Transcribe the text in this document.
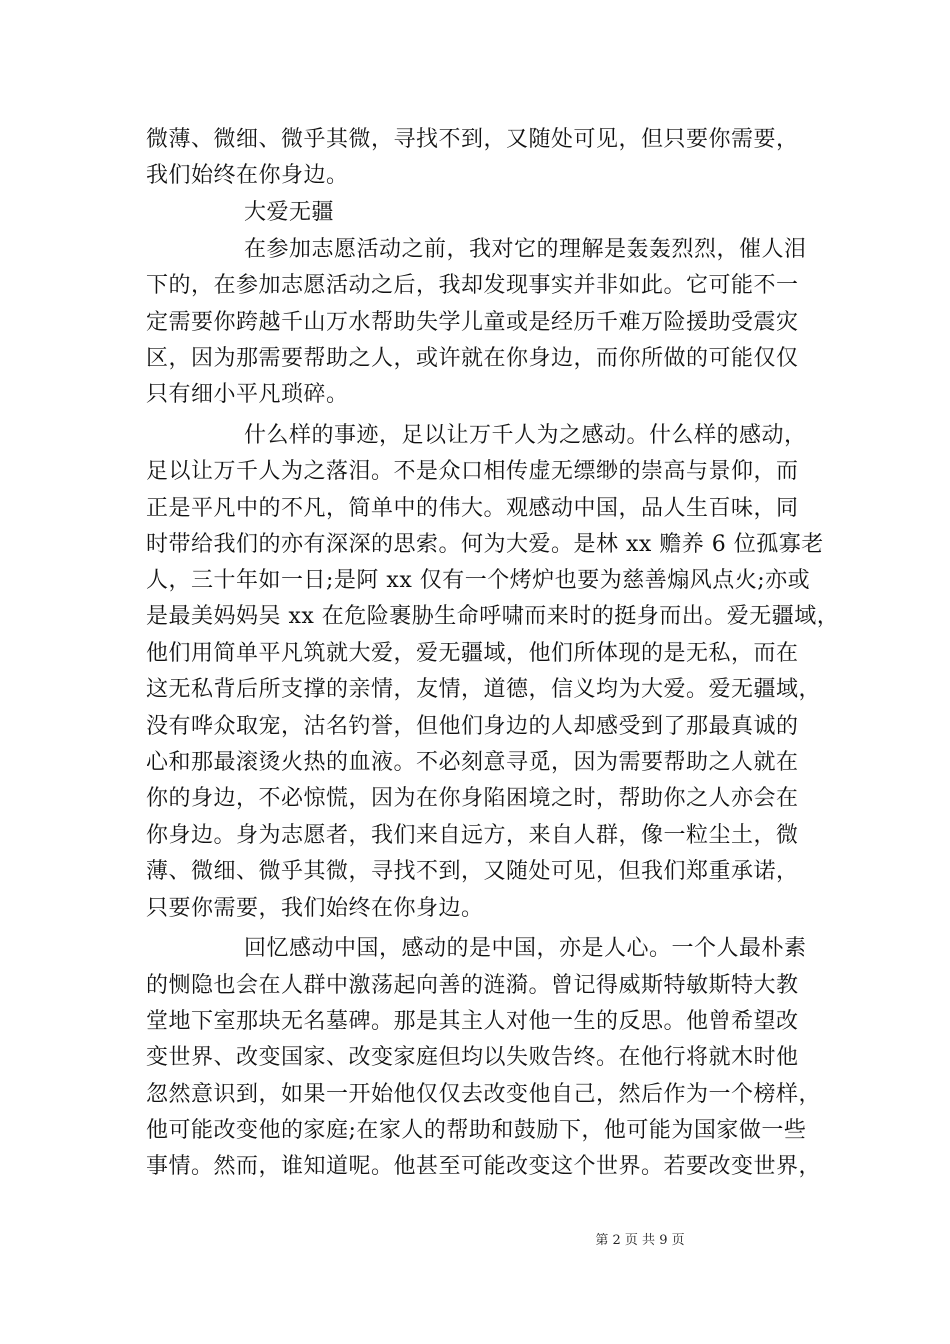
微薄、微细、微乎其微，寻找不到，又随处可见，但只要你需要，
我们始终在你身边。
大爱无疆
在参加志愿活动之前，我对它的理解是轰轰烈烈，催人泪
下的，在参加志愿活动之后，我却发现事实并非如此。它可能不一
定需要你跨越千山万水帮助失学儿童或是经历千难万险援助受震灾
区，因为那需要帮助之人，或许就在你身边，而你所做的可能仅仅
只有细小平凡琐碎。
什么样的事迹，足以让万千人为之感动。什么样的感动，
足以让万千人为之落泪。不是众口相传虚无缥缈的崇高与景仰，而
正是平凡中的不凡，简单中的伟大。观感动中国，品人生百味，同
时带给我们的亦有深深的思索。何为大爱。是林 xx 赡养 6 位孤寡老
人，三十年如一日;是阿 xx 仅有一个烤炉也要为慈善煽风点火;亦或
是最美妈妈吴 xx 在危险裹胁生命呼啸而来时的挺身而出。爱无疆域，
他们用简单平凡筑就大爱，爱无疆域，他们所体现的是无私，而在
这无私背后所支撑的亲情，友情，道德，信义均为大爱。爱无疆域，
没有哗众取宠，沽名钓誉，但他们身边的人却感受到了那最真诚的
心和那最滚烫火热的血液。不必刻意寻觅，因为需要帮助之人就在
你的身边，不必惊慌，因为在你身陷困境之时，帮助你之人亦会在
你身边。身为志愿者，我们来自远方，来自人群，像一粒尘土，微
薄、微细、微乎其微，寻找不到，又随处可见，但我们郑重承诺，
只要你需要，我们始终在你身边。
回忆感动中国，感动的是中国，亦是人心。一个人最朴素
的恻隐也会在人群中激荡起向善的涟漪。曾记得威斯特敏斯特大教
堂地下室那块无名墓碑。那是其主人对他一生的反思。他曾希望改
变世界、改变国家、改变家庭但均以失败告终。在他行将就木时他
忽然意识到，如果一开始他仅仅去改变他自己，然后作为一个榜样，
他可能改变他的家庭;在家人的帮助和鼓励下，他可能为国家做一些
事情。然而，谁知道呢。他甚至可能改变这个世界。若要改变世界，
第 2 页 共 9 页
